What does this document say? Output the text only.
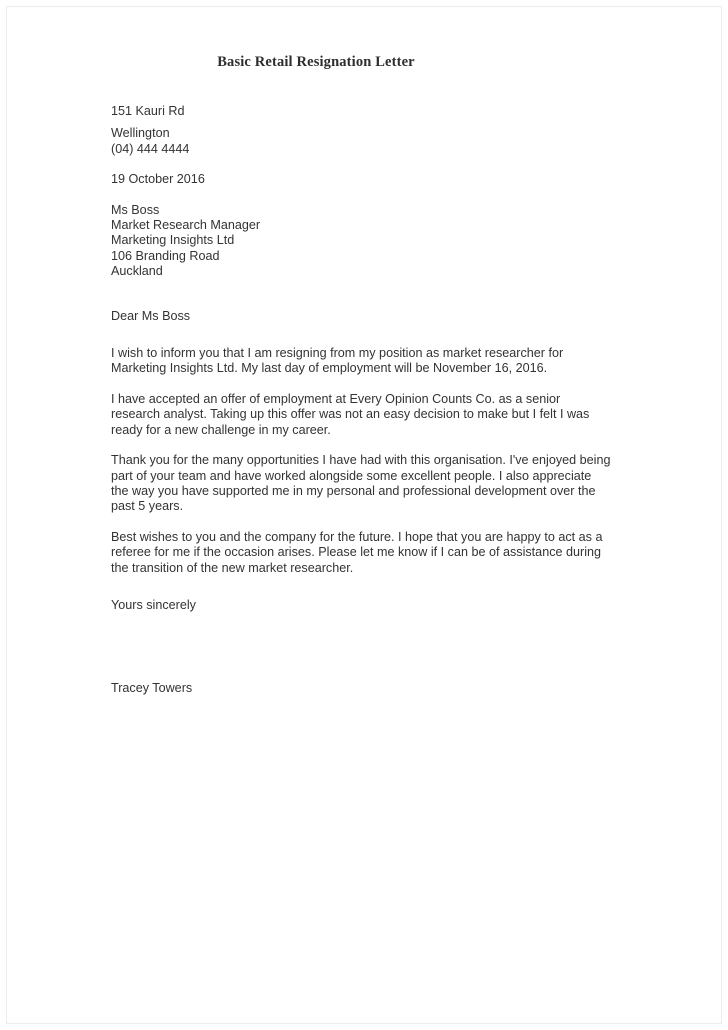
Basic Retail Resignation Letter
151 Kauri Rd
Wellington
(04) 444 4444
19 October 2016
Ms Boss
Market Research Manager
Marketing Insights Ltd
106 Branding Road
Auckland
Dear Ms Boss

I wish to inform you that I am resigning from my position as market researcher for Marketing Insights Ltd. My last day of employment will be November 16, 2016.

I have accepted an offer of employment at Every Opinion Counts Co. as a senior research analyst. Taking up this offer was not an easy decision to make but I felt I was ready for a new challenge in my career.

Thank you for the many opportunities I have had with this organisation. I've enjoyed being part of your team and have worked alongside some excellent people. I also appreciate the way you have supported me in my personal and professional development over the past 5 years.

Best wishes to you and the company for the future. I hope that you are happy to act as a referee for me if the occasion arises. Please let me know if I can be of assistance during the transition of the new market researcher.

Yours sincerely
Tracey Towers
